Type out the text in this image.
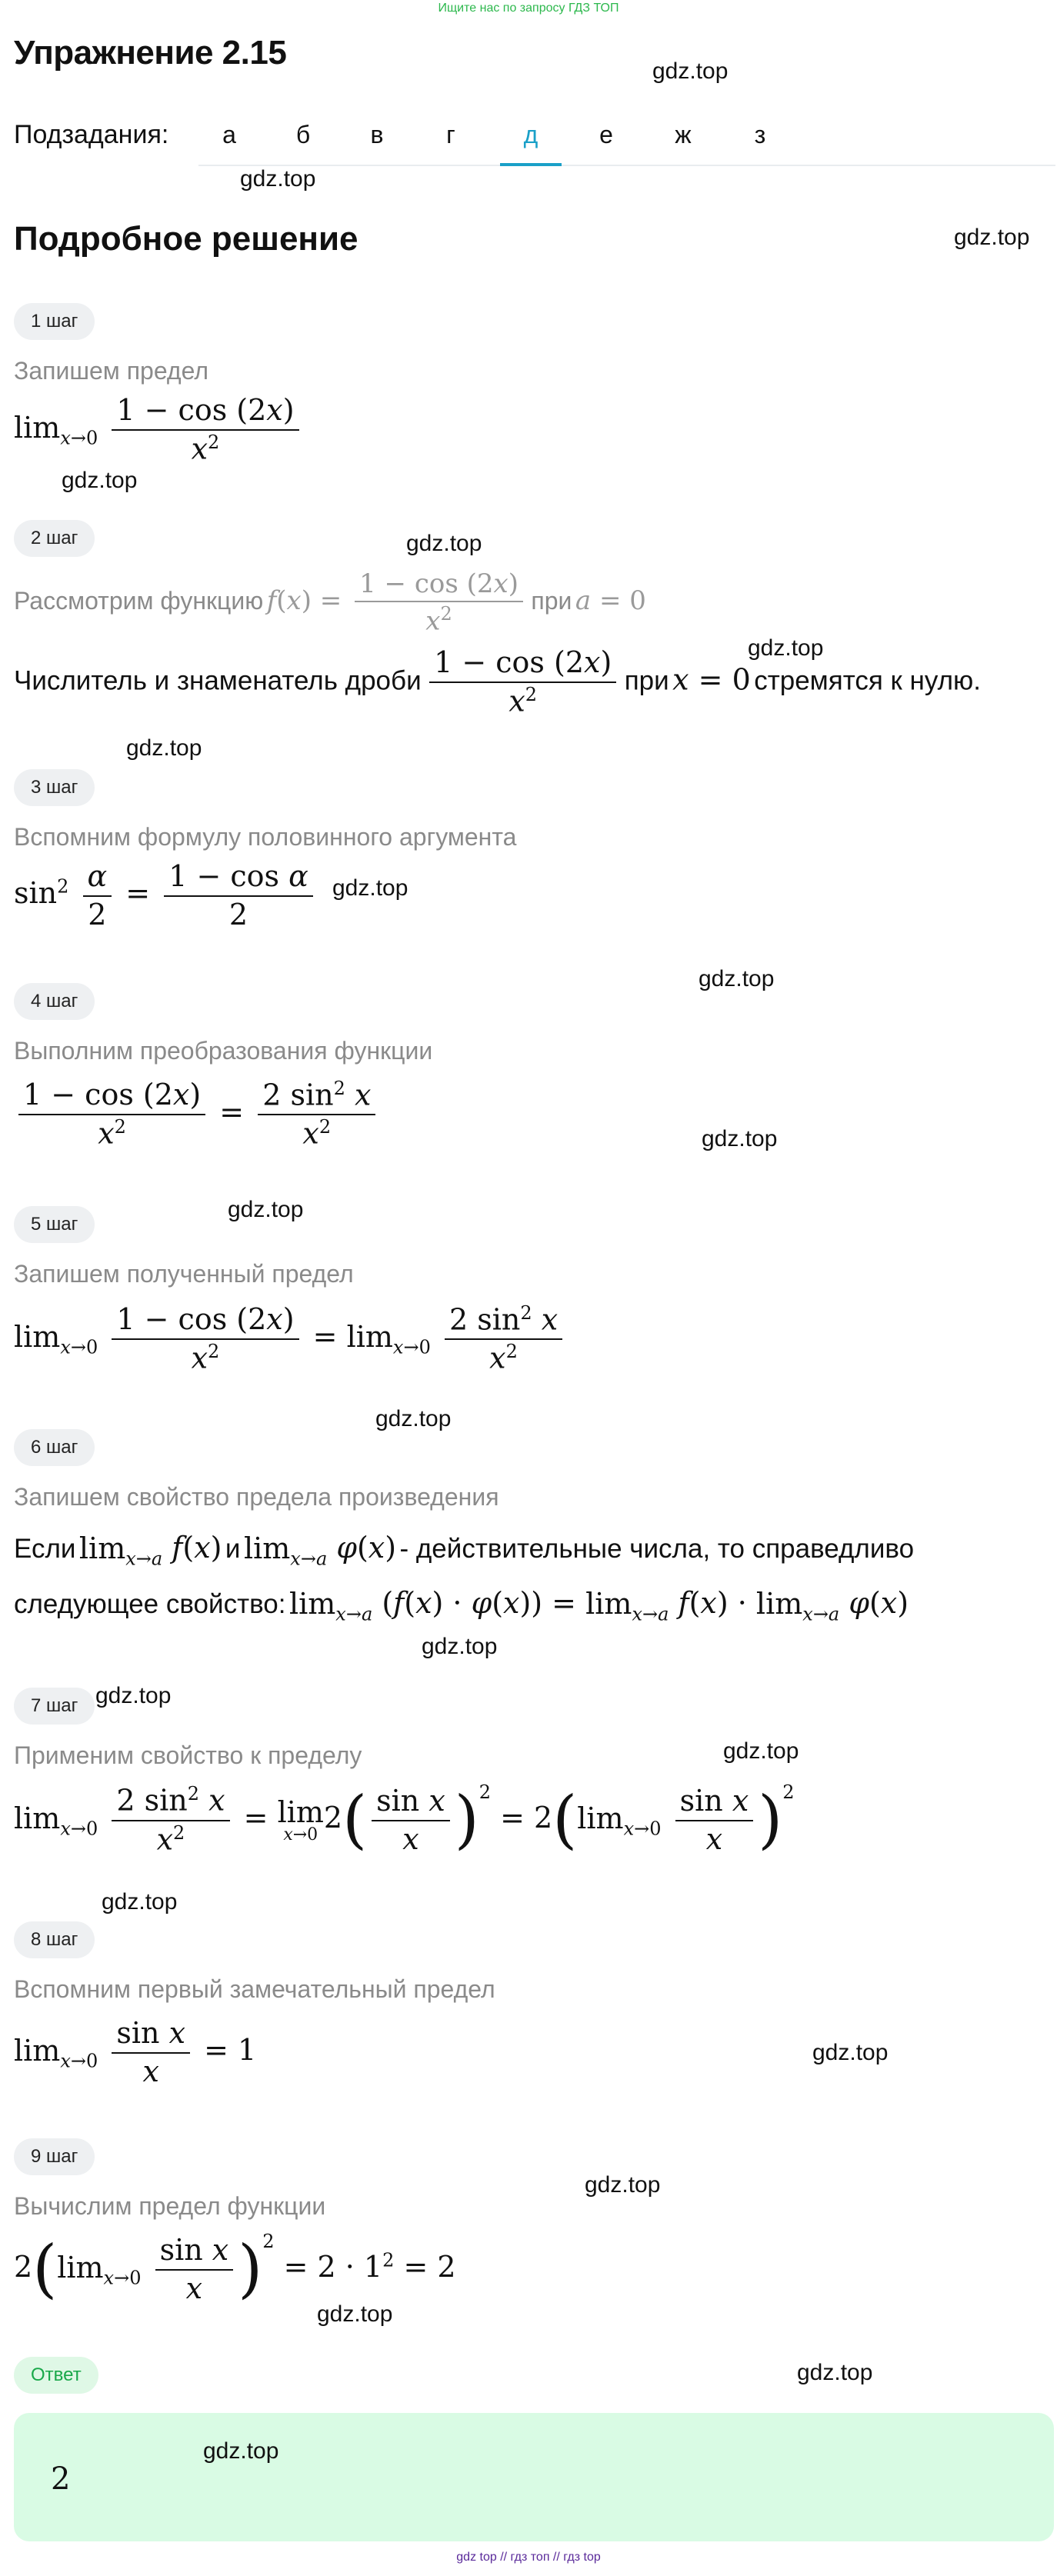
Ищите нас по запросу ГДЗ ТОП
Упражнение 2.15	gdz.top
Подзадания:	а	б	в	г	д	е	ж	з
gdz.top
Подробное решение	gdz.top
1 шаг
Запишем предел
$\lim_{x\to 0} \frac{1 - \cos (2x)}{x^2}$
gdz.top
2 шаг	gdz.top
Рассмотрим функцию $f(x) = \frac{1 - \cos (2x)}{x^2}$ при a = 0
gdz.top
Числитель и знаменатель дроби $\frac{1 - \cos (2x)}{x^2}$ при x = 0 стремятся к нулю.
gdz.top
3 шаг
Вспомним формулу половинного аргумента
$\sin^2 \frac{\alpha}{2} = \frac{\text{1 − cos α}}{2} gdz.top$
gdz.top
4 шаг
Выполним преобразования функции
$\frac{1 - \cos (2x)}{x^2} = \frac{2 \sin^2 x}{x^2}$	gdz.top
gdz.top
5 шаг
Запишем полученный предел
$\lim_{x\to 0} \frac{1 - \cos (2x)}{x^2} = \lim_{x\to 0} \frac{2 \sin^2 x}{x^2}$
gdz.top
6 шаг
Запишем свойство предела произведения
Если $\lim_{x\to a} f(x)$ и $\lim_{x\to a} \varphi(x)$ - действительные числа, то справедливо
следующее свойство: $\lim_{x\to a} (f(x) \cdot \varphi(x)) = \lim_{x\to a} f(x) \cdot \lim_{x\to a} \varphi(x)$
gdz.top
7 шаг gdz.top
gdz.top
Применим свойство к пределу
$\lim_{x\to 0} \frac{2 \sin^2 x}{x^2} = \lim$
x→0 $2( \frac{\text{sin x}}{x} )^2 = 2(\lim_{x\to 0} \frac{\text{sin x}}{x} )^2$
gdz.top
8 шаг
Вспомним первый замечательный предел
$\lim_{x\to 0} \frac{\text{sin x}}{x} = 1$	gdz.top
9 шаг
gdz.top
Вычислим предел функции
$2(\lim_{x\to 0} \frac{\text{sin x}}{x} )^2 = 2 \cdot 1^2 = 2$
gdz.top
Ответ	gdz.top
2
gdz.top
gdz top // гдз топ // гдз top
